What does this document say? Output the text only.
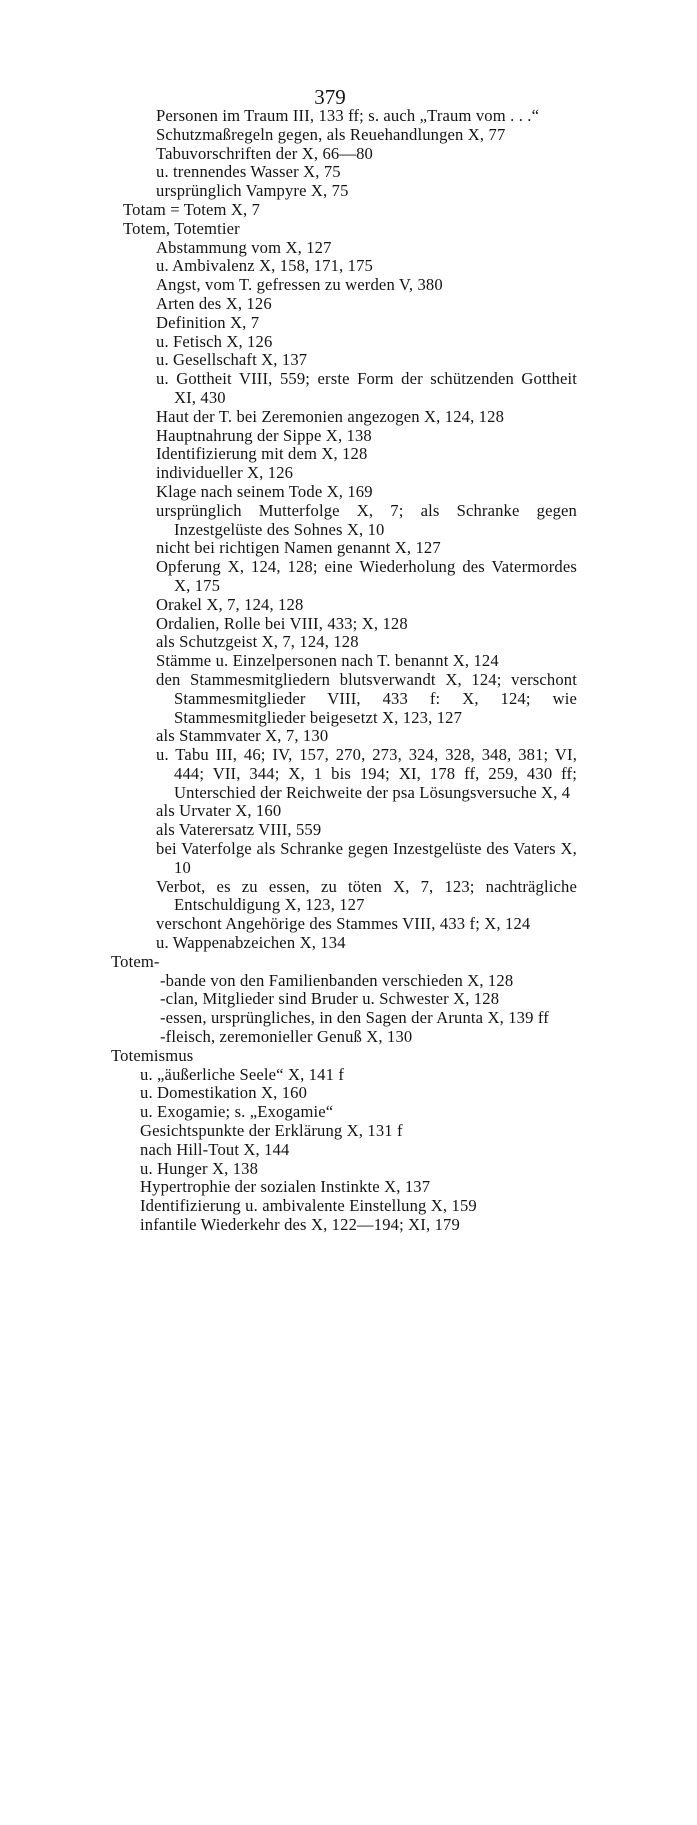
379
Personen im Traum III, 133 ff; s. auch „Traum vom . . .“
Schutzmaßregeln gegen, als Reuehandlungen X, 77
Tabuvorschriften der X, 66—80
u. trennendes Wasser X, 75
ursprünglich Vampyre X, 75
Totam = Totem X, 7
Totem, Totemtier
Abstammung vom X, 127
u. Ambivalenz X, 158, 171, 175
Angst, vom T. gefressen zu werden V, 380
Arten des X, 126
Definition X, 7
u. Fetisch X, 126
u. Gesellschaft X, 137
u. Gottheit VIII, 559; erste Form der schützenden Gottheit XI, 430
Haut der T. bei Zeremonien angezogen X, 124, 128
Hauptnahrung der Sippe X, 138
Identifizierung mit dem X, 128
individueller X, 126
Klage nach seinem Tode X, 169
ursprünglich Mutterfolge X, 7; als Schranke gegen Inzestgelüste des Sohnes X, 10
nicht bei richtigen Namen genannt X, 127
Opferung X, 124, 128; eine Wiederholung des Vatermordes X, 175
Orakel X, 7, 124, 128
Ordalien, Rolle bei VIII, 433; X, 128
als Schutzgeist X, 7, 124, 128
Stämme u. Einzelpersonen nach T. benannt X, 124
den Stammesmitgliedern blutsverwandt X, 124; verschont Stammesmitglieder VIII, 433 f: X, 124; wie Stammesmitglieder beigesetzt X, 123, 127
als Stammvater X, 7, 130
u. Tabu III, 46; IV, 157, 270, 273, 324, 328, 348, 381; VI, 444; VII, 344; X, 1 bis 194; XI, 178 ff, 259, 430 ff; Unterschied der Reichweite der psa Lösungsversuche X, 4
als Urvater X, 160
als Vaterersatz VIII, 559
bei Vaterfolge als Schranke gegen Inzestgelüste des Vaters X, 10
Verbot, es zu essen, zu töten X, 7, 123; nachträgliche Entschuldigung X, 123, 127
verschont Angehörige des Stammes VIII, 433 f; X, 124
u. Wappenabzeichen X, 134
Totem-
-bande von den Familienbanden verschieden X, 128
-clan, Mitglieder sind Bruder u. Schwester X, 128
-essen, ursprüngliches, in den Sagen der Arunta X, 139 ff
-fleisch, zeremonieller Genuß X, 130
Totemismus
u. „äußerliche Seele“ X, 141 f
u. Domestikation X, 160
u. Exogamie; s. „Exogamie“
Gesichtspunkte der Erklärung X, 131 f
nach Hill-Tout X, 144
u. Hunger X, 138
Hypertrophie der sozialen Instinkte X, 137
Identifizierung u. ambivalente Einstellung X, 159
infantile Wiederkehr des X, 122—194; XI, 179
